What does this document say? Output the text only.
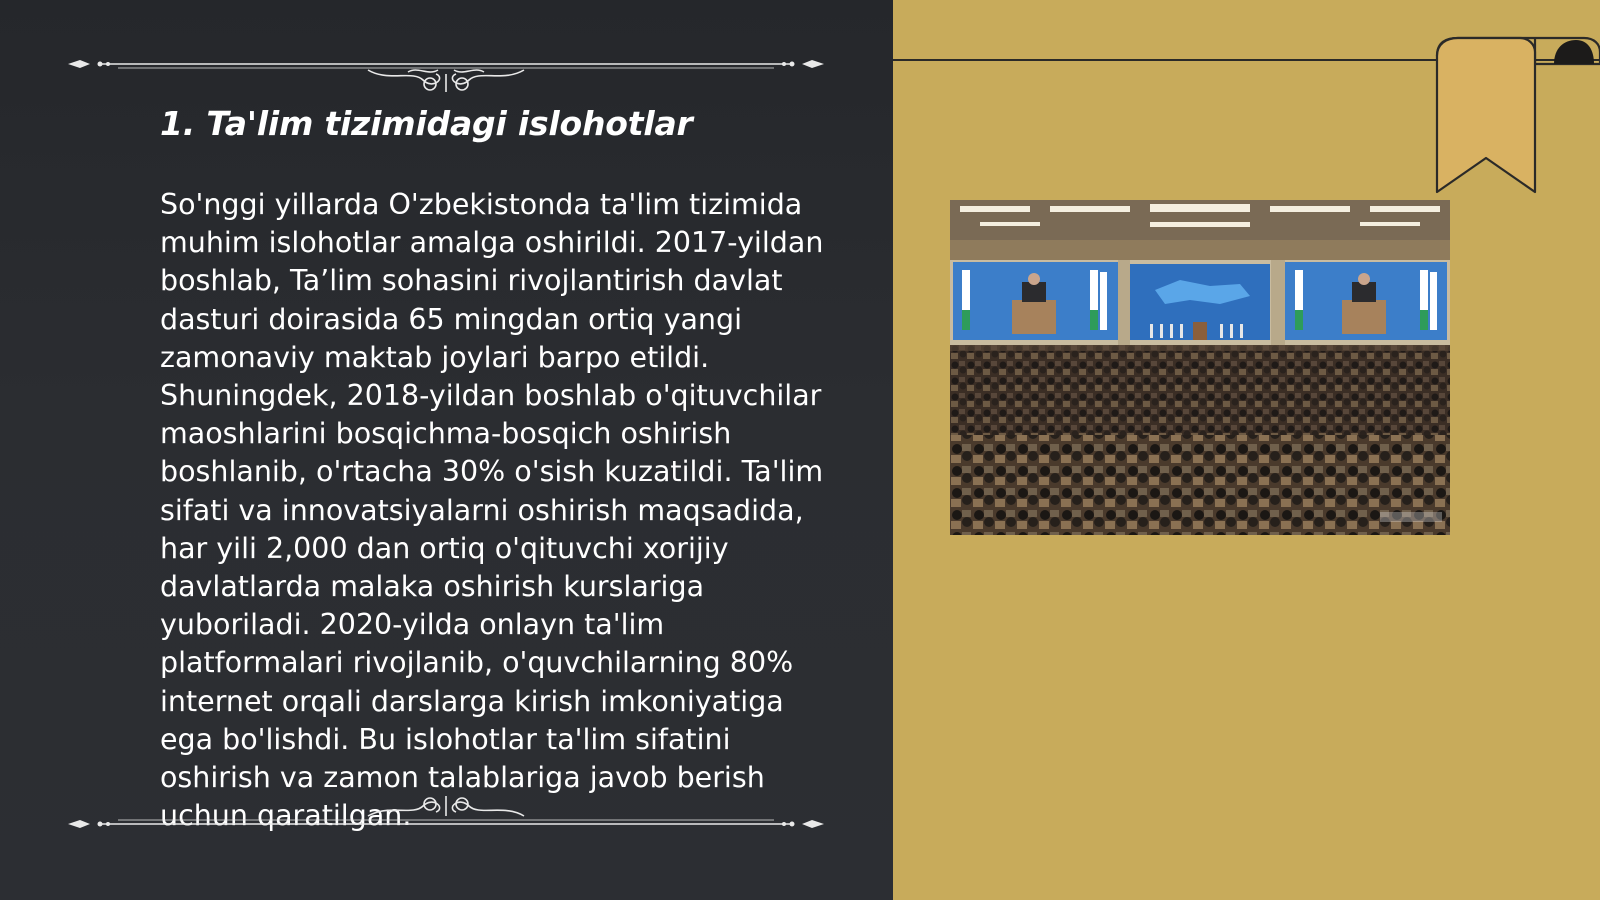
1. Ta'lim tizimidagi islohotlar

So'nggi yillarda O'zbekistonda ta'lim tizimida muhim islohotlar amalga oshirildi. 2017-yildan boshlab, Ta’lim sohasini rivojlantirish davlat dasturi doirasida 65 mingdan ortiq yangi zamonaviy maktab joylari barpo etildi. Shuningdek, 2018-yildan boshlab o'qituvchilar maoshlarini bosqichma-bosqich oshirish boshlanib, o'rtacha 30% o'sish kuzatildi. Ta'lim sifati va innovatsiyalarni oshirish maqsadida, har yili 2,000 dan ortiq o'qituvchi xorijiy davlatlarda malaka oshirish kurslariga yuboriladi. 2020-yilda onlayn ta'lim platformalari rivojlanib, o'quvchilarning 80% internet orqali darslarga kirish imkoniyatiga ega bo'lishdi. Bu islohotlar ta'lim sifatini oshirish va zamon talablariga javob berish uchun qaratilgan.
